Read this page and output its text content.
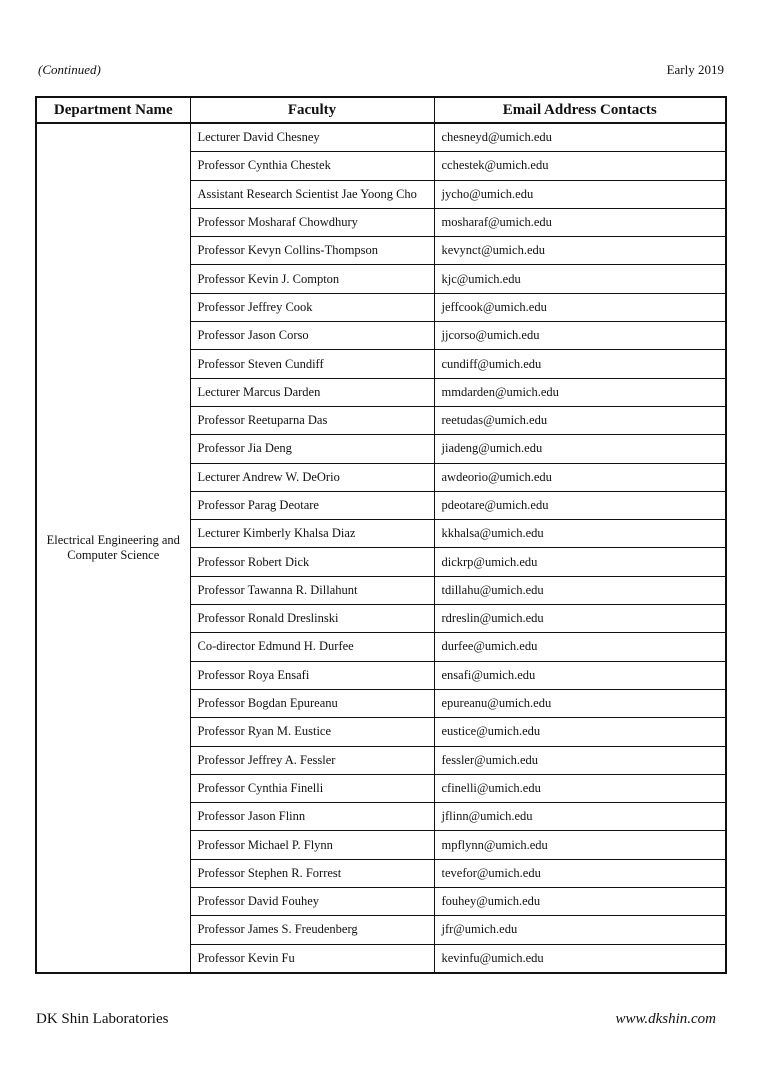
(Continued)	Early 2019
Department Name	Faculty	Email Address Contacts
Electrical Engineering and Computer Science	Lecturer David Chesney	chesneyd@umich.edu
	Professor Cynthia Chestek	cchestek@umich.edu
	Assistant Research Scientist Jae Yoong Cho	jycho@umich.edu
	Professor Mosharaf Chowdhury	mosharaf@umich.edu
	Professor Kevyn Collins-Thompson	kevynct@umich.edu
	Professor Kevin J. Compton	kjc@umich.edu
	Professor Jeffrey Cook	jeffcook@umich.edu
	Professor Jason Corso	jjcorso@umich.edu
	Professor Steven Cundiff	cundiff@umich.edu
	Lecturer Marcus Darden	mmdarden@umich.edu
	Professor Reetuparna Das	reetudas@umich.edu
	Professor Jia Deng	jiadeng@umich.edu
	Lecturer Andrew W. DeOrio	awdeorio@umich.edu
	Professor Parag Deotare	pdeotare@umich.edu
	Lecturer Kimberly Khalsa Diaz	kkhalsa@umich.edu
	Professor Robert Dick	dickrp@umich.edu
	Professor Tawanna R. Dillahunt	tdillahu@umich.edu
	Professor Ronald Dreslinski	rdreslin@umich.edu
	Co-director Edmund H. Durfee	durfee@umich.edu
	Professor Roya Ensafi	ensafi@umich.edu
	Professor Bogdan Epureanu	epureanu@umich.edu
	Professor Ryan M. Eustice	eustice@umich.edu
	Professor Jeffrey A. Fessler	fessler@umich.edu
	Professor Cynthia Finelli	cfinelli@umich.edu
	Professor Jason Flinn	jflinn@umich.edu
	Professor Michael P. Flynn	mpflynn@umich.edu
	Professor Stephen R. Forrest	tevefor@umich.edu
	Professor David Fouhey	fouhey@umich.edu
	Professor James S. Freudenberg	jfr@umich.edu
	Professor Kevin Fu	kevinfu@umich.edu
DK Shin Laboratories	www.dkshin.com
